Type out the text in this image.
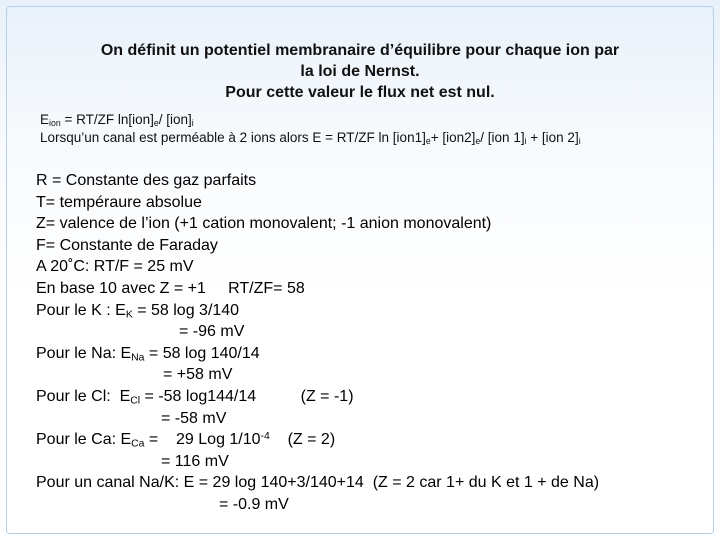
On définit un potentiel membranaire d’équilibre pour chaque ion par
la loi de Nernst.
Pour cette valeur le flux net est nul.
$E_{ion} = RT/ZF$ $\ln[ion]_e/$ $[ion]_i$
Lorsqu’un canal est perméable à 2 ions alors E = RT/ZF $\ln [ion1]_e+ [ion2]_e/$ [ion $1]_i + [ion$ $2]_i$
R = Constante des gaz parfaits
T= tempéraure absolue
Z= valence de l’ion (+1 cation monovalent; -1 anion monovalent)
F= Constante de Faraday
A 20˚C: RT/F = 25 mV
En base 10 avec Z = +1     RT/ZF= 58
Pour le K : $E_K = 58$ log 3/140
= -96 mV
Pour le Na: $E_{Na} = 58$ log 140/14
= +58 mV
Pour le Cl:  $E_{Cl} = -58$ log144/14          (Z = -1)
= -58 mV
Pour le Ca: $E_{Ca}$ =    29 Log $1/10^{-4}$    (Z = 2)
= 116 mV
Pour un canal Na/K: E = 29 log 140+3/140+14  (Z = 2 car 1+ du K et 1 + de Na)
= -0.9 mV
